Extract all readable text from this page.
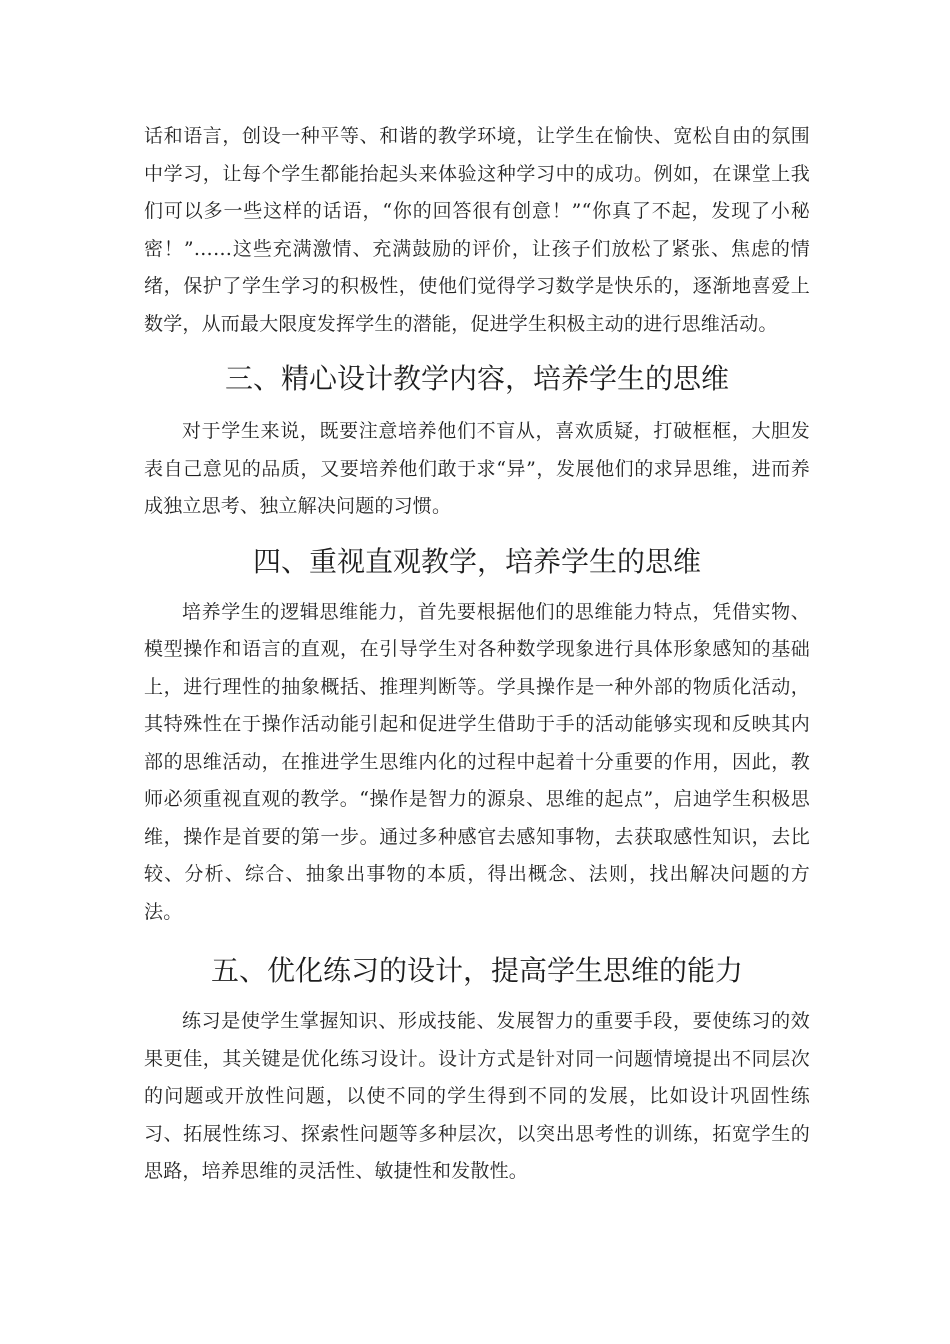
话和语言，创设一种平等、和谐的教学环境，让学生在愉快、宽松自由的氛围中学习，让每个学生都能抬起头来体验这种学习中的成功。例如，在课堂上我们可以多一些这样的话语，“你的回答很有创意！”“你真了不起，发现了小秘密！”……这些充满激情、充满鼓励的评价，让孩子们放松了紧张、焦虑的情绪，保护了学生学习的积极性，使他们觉得学习数学是快乐的，逐渐地喜爱上数学，从而最大限度发挥学生的潜能，促进学生积极主动的进行思维活动。

三、精心设计教学内容，培养学生的思维

对于学生来说，既要注意培养他们不盲从，喜欢质疑，打破框框，大胆发表自己意见的品质，又要培养他们敢于求“异”，发展他们的求异思维，进而养成独立思考、独立解决问题的习惯。

四、重视直观教学，培养学生的思维

培养学生的逻辑思维能力，首先要根据他们的思维能力特点，凭借实物、模型操作和语言的直观，在引导学生对各种数学现象进行具体形象感知的基础上，进行理性的抽象概括、推理判断等。学具操作是一种外部的物质化活动，其特殊性在于操作活动能引起和促进学生借助于手的活动能够实现和反映其内部的思维活动，在推进学生思维内化的过程中起着十分重要的作用，因此，教师必须重视直观的教学。“操作是智力的源泉、思维的起点”，启迪学生积极思维，操作是首要的第一步。通过多种感官去感知事物，去获取感性知识，去比较、分析、综合、抽象出事物的本质，得出概念、法则，找出解决问题的方法。

五、优化练习的设计，提高学生思维的能力

练习是使学生掌握知识、形成技能、发展智力的重要手段，要使练习的效果更佳，其关键是优化练习设计。设计方式是针对同一问题情境提出不同层次的问题或开放性问题，以使不同的学生得到不同的发展，比如设计巩固性练习、拓展性练习、探索性问题等多种层次，以突出思考性的训练，拓宽学生的思路，培养思维的灵活性、敏捷性和发散性。
